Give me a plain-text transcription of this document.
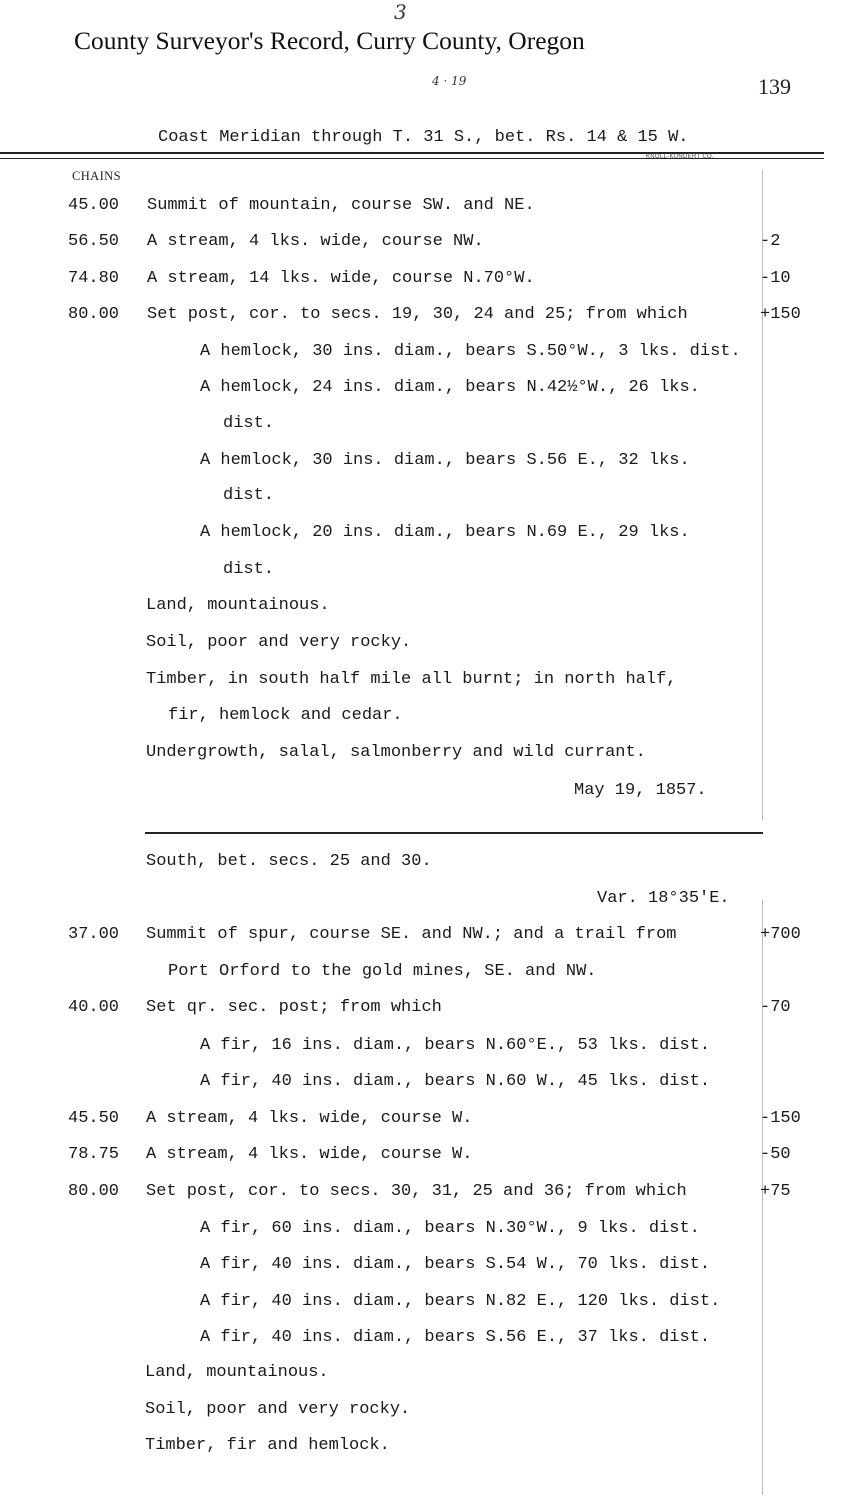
3
County Surveyor's Record, Curry County, Oregon
4 · 19	139
Coast Meridian through T. 31 S., bet. Rs. 14 & 15 W.
KNOLL-KUNDERT CO.
CHAINS
45.00 Summit of mountain, course SW. and NE.
56.50 A stream, 4 lks. wide, course NW.	-2
74.80 A stream, 14 lks. wide, course N.70°W.	-10
80.00 Set post, cor. to secs. 19, 30, 24 and 25; from which	+150
A hemlock, 30 ins. diam., bears S.50°W., 3 lks. dist.
A hemlock, 24 ins. diam., bears N.42½°W., 26 lks.
dist.
A hemlock, 30 ins. diam., bears S.56 E., 32 lks.
dist.
A hemlock, 20 ins. diam., bears N.69 E., 29 lks.
dist.
Land, mountainous.
Soil, poor and very rocky.
Timber, in south half mile all burnt; in north half,
fir, hemlock and cedar.
Undergrowth, salal, salmonberry and wild currant.
May 19, 1857.
South, bet. secs. 25 and 30.
Var. 18°35'E.
37.00 Summit of spur, course SE. and NW.; and a trail from	+700
Port Orford to the gold mines, SE. and NW.
40.00 Set qr. sec. post; from which	-70
A fir, 16 ins. diam., bears N.60°E., 53 lks. dist.
A fir, 40 ins. diam., bears N.60 W., 45 lks. dist.
45.50 A stream, 4 lks. wide, course W.	-150
78.75 A stream, 4 lks. wide, course W.	-50
80.00 Set post, cor. to secs. 30, 31, 25 and 36; from which	+75
A fir, 60 ins. diam., bears N.30°W., 9 lks. dist.
A fir, 40 ins. diam., bears S.54 W., 70 lks. dist.
A fir, 40 ins. diam., bears N.82 E., 120 lks. dist.
A fir, 40 ins. diam., bears S.56 E., 37 lks. dist.
Land, mountainous.
Soil, poor and very rocky.
Timber, fir and hemlock.
